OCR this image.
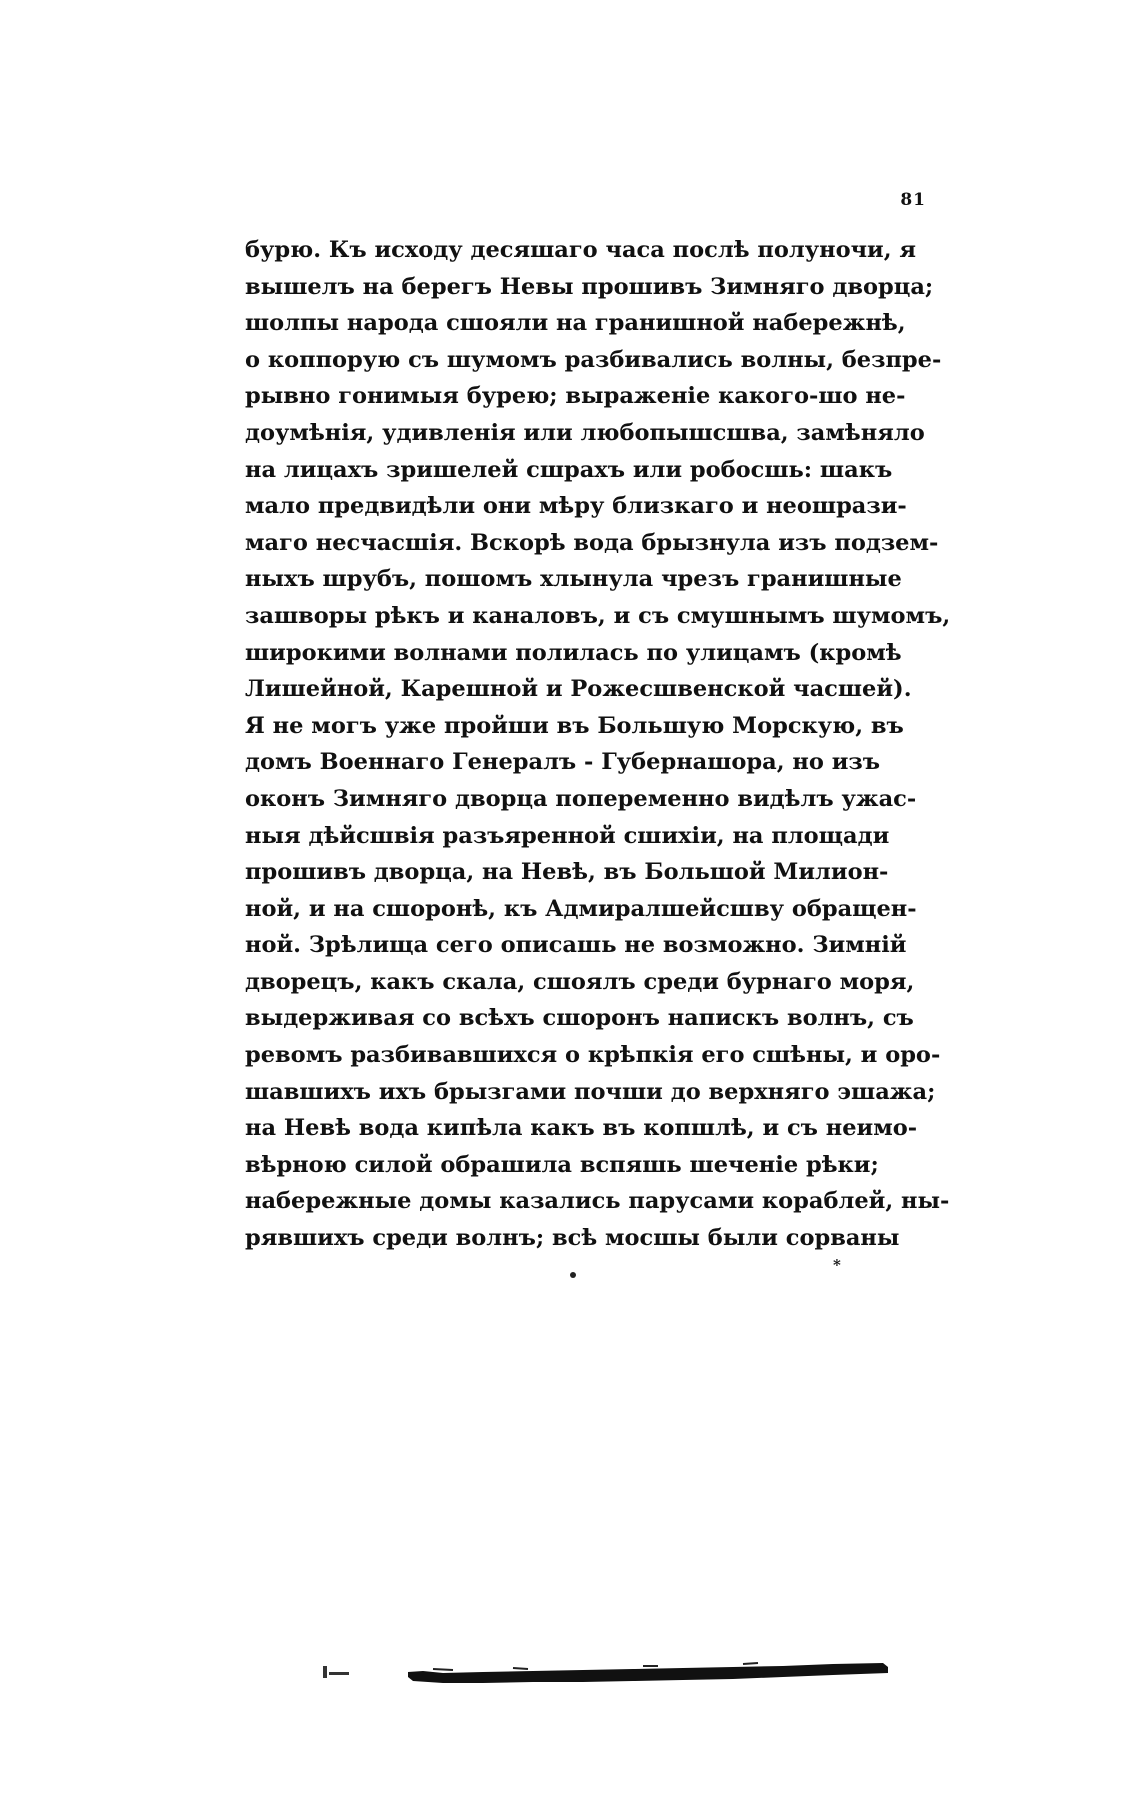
81
бурю. Къ исходу десяшаго часа послѣ полуночи, я
вышелъ на берегъ Невы прошивъ Зимняго дворца;
шолпы народа сшояли на гранишной набережнѣ,
о коппорую съ шумомъ разбивались волны, безпре-
рывно гонимыя бурею; выраженіе какого-шо не-
доумѣнія, удивленія или любопышсшва, замѣняло
на лицахъ зришелей сшрахъ или робосшь: шакъ
мало предвидѣли они мѣру близкаго и неошрази-
маго несчасшія. Вскорѣ вода брызнула изъ подзем-
ныхъ шрубъ, пошомъ хлынула чрезъ гранишные
зашворы рѣкъ и каналовъ, и съ смушнымъ шумомъ,
широкими волнами полилась по улицамъ (кромѣ
Лишейной, Карешной и Рожесшвенской часшей).
Я не могъ уже пройши въ Большую Морскую, въ
домъ Военнаго Генералъ - Губернашора, но изъ
оконъ Зимняго дворца попеременно видѣлъ ужас-
ныя дѣйсшвія разъяренной сшихіи, на площади
прошивъ дворца, на Невѣ, въ Большой Милион-
ной, и на сшоронѣ, къ Адмиралшейсшву обращен-
ной. Зрѣлища сего описашь не возможно. Зимній
дворецъ, какъ скала, сшоялъ среди бурнаго моря,
выдерживая со всѣхъ сшоронъ напискъ волнъ, съ
ревомъ разбивавшихся о крѣпкія его сшѣны, и оро-
шавшихъ ихъ брызгами почши до верхняго эшажа;
на Невѣ вода кипѣла какъ въ копшлѣ, и съ неимо-
вѣрною силой обрашила вспяшь шеченіе рѣки;
набережные домы казались парусами кораблей, ны-
рявшихъ среди волнъ; всѣ мосшы были сорваны
*
